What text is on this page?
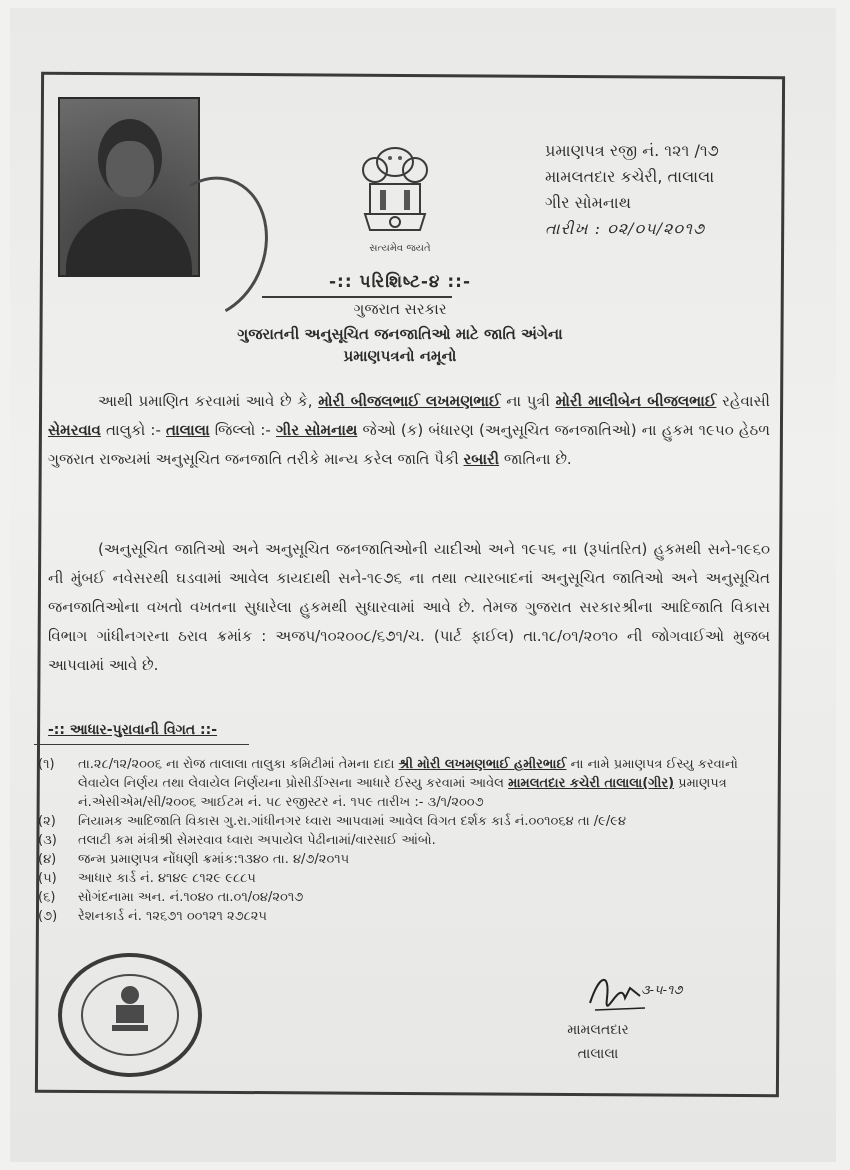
સત્યમેવ જયતે
પ્રમાણપત્ર રજી નં. ૧૨૧ /૧૭
મામલતદાર કચેરી, તાલાલા
ગીર સોમનાથ
તારીખ : ૦૨/૦૫/૨૦૧૭
-:: પરિશિષ્ટ-૪ ::-
ગુજરાત સરકાર
ગુજરાતની અનુસૂચિત જનજાતિઓ માટે જાતિ અંગેના
પ્રમાણપત્રનો નમૂનો
આથી પ્રમાણિત કરવામાં આવે છે કે, મોરી બીજલભાઈ લખમણભાઈ ના પુત્રી મોરી માલીબેન બીજલભાઈ રહેવાસી સેમરવાવ તાલુકો :- તાલાલા જિલ્લો :- ગીર સોમનાથ જેઓ (ક) બંધારણ (અનુસૂચિત જનજાતિઓ) ના હુકમ ૧૯૫૦ હેઠળ ગુજરાત રાજ્યમાં અનુસૂચિત જનજાતિ તરીકે માન્ય કરેલ જાતિ પૈકી રબારી જાતિના છે.
(અનુસૂચિત જાતિઓ અને અનુસૂચિત જનજાતિઓની યાદીઓ અને ૧૯૫૬ ના (રૂપાંતરિત) હુકમથી સને-૧૯૬૦ ની મુંબઈ નવેસરથી ઘડવામાં આવેલ કાયદાથી સને-૧૯૭૬ ના તથા ત્યારબાદનાં અનુસૂચિત જાતિઓ અને અનુસૂચિત જનજાતિઓના વખતો વખતના સુધારેલા હુકમથી સુધારવામાં આવે છે. તેમજ ગુજરાત સરકારશ્રીના આદિજાતિ વિકાસ વિભાગ ગાંધીનગરના ઠરાવ ક્રમાંક : અજપ/૧૦૨૦૦૮/૬૭૧/ચ. (પાર્ટ ફાઈલ) તા.૧૮/૦૧/૨૦૧૦ ની જોગવાઈઓ મુજબ આપવામાં આવે છે.
-:: આધાર-પુરાવાની વિગત ::-
(૧) તા.૨૮/૧૨/૨૦૦૬ ના રોજ તાલાલા તાલુકા કમિટીમાં તેમના દાદા શ્રી મોરી લખમણભાઈ હમીરભાઈ ના નામે પ્રમાણપત્ર ઈસ્યુ કરવાનો લેવાયેલ નિર્ણય તથા લેવાયેલ નિર્ણયના પ્રોસીડીંગ્સના આધારે ઈસ્યુ કરવામાં આવેલ મામલતદાર કચેરી તાલાલા(ગીર) પ્રમાણપત્ર નં.એસીએમ/સી/૨૦૦૬ આઈટમ નં. ૫૮ રજીસ્ટર નં. ૧૫૯ તારીખ :- ૩/૧/૨૦૦૭
(૨) નિયામક આદિજાતિ વિકાસ ગુ.રા.ગાંધીનગર ધ્વારા આપવામાં આવેલ વિગત દર્શક કાર્ડ નં.૦૦૧૦૬૪ તા /૯/૯૪
(૩) તલાટી કમ મંત્રીશ્રી સેમરવાવ ધ્વારા અપાયેલ પેઢીનામાં/વારસાઈ આંબો.
(૪) જન્મ પ્રમાણપત્ર નોંધણી ક્રમાંક:૧૩૪૦ તા. ૪/૭/૨૦૧૫
(૫) આધાર કાર્ડ નં. ૪૧૪૯ ૮૧૨૯ ૯૮૮૫
(૬) સોગંદનામા અન. નં.૧૦૪૦ તા.૦૧/૦૪/૨૦૧૭
(૭) રેશનકાર્ડ નં. ૧૨૬૭૧ ૦૦૧૨૧ ૨૭૮૨૫
૩-૫-૧૭
મામલતદાર
તાલાલા
